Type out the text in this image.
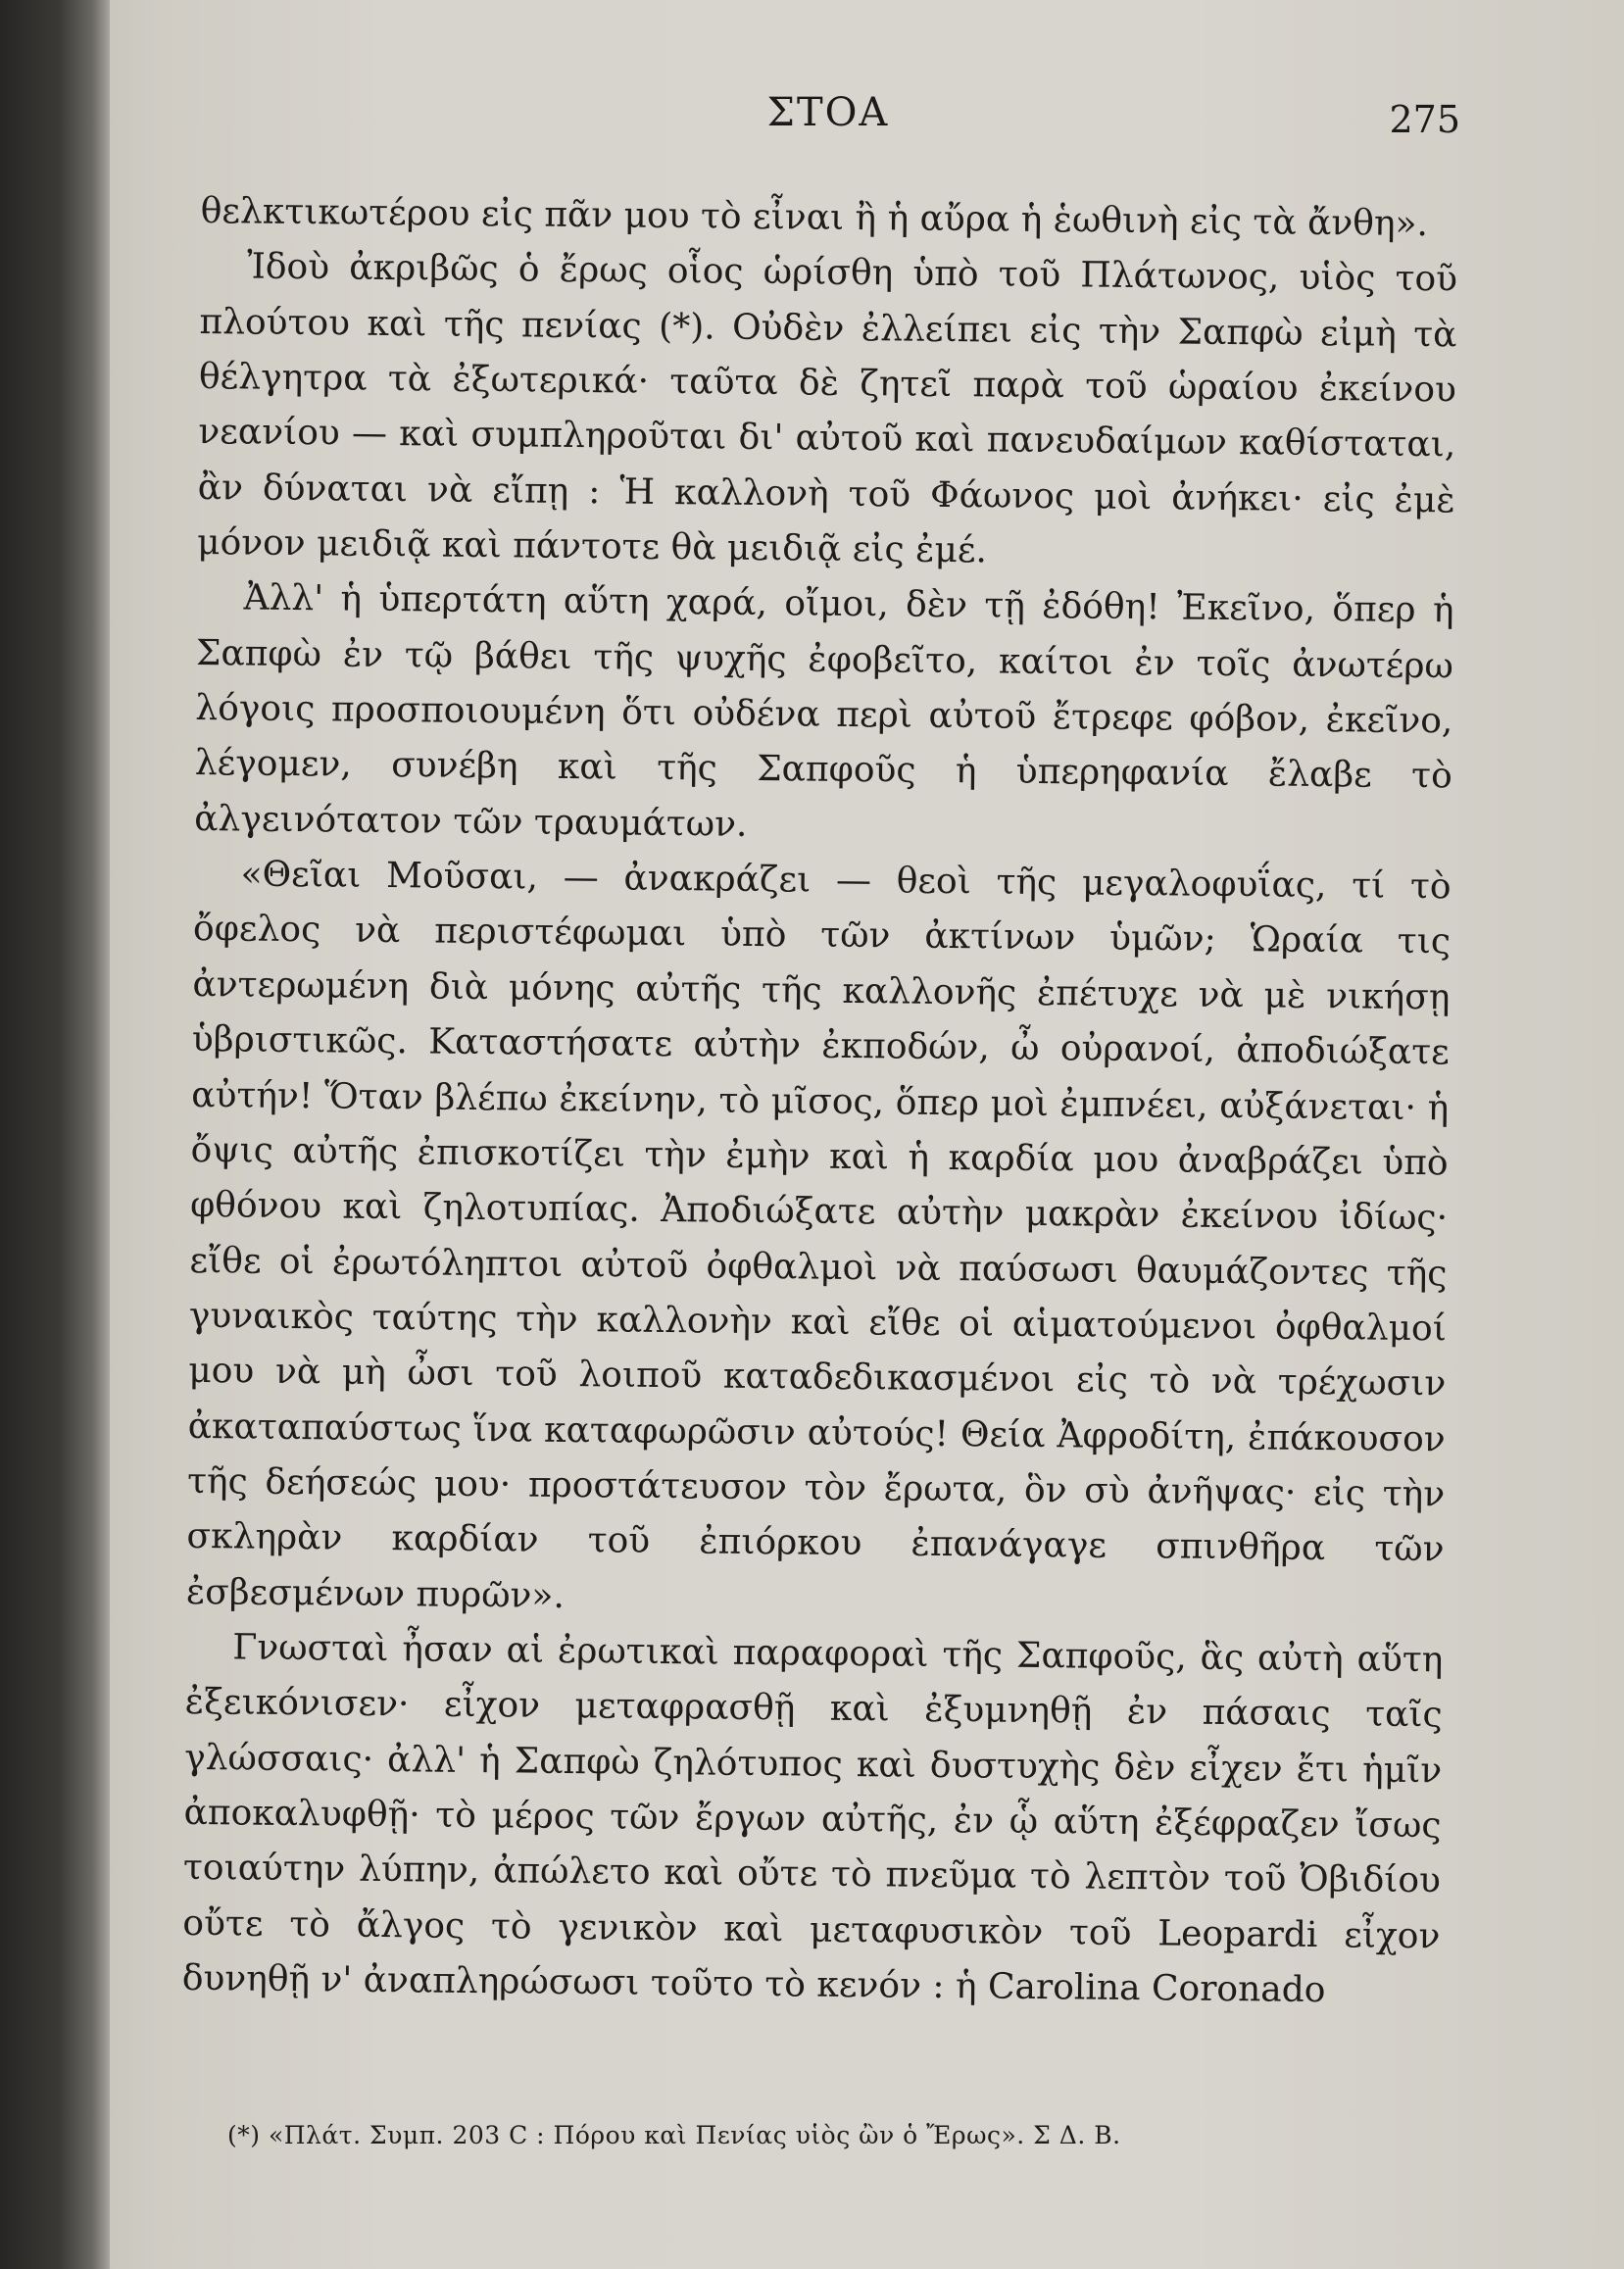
ΣΤΟΑ	275

θελκτικωτέρου εἰς πᾶν μου τὸ εἶναι ἢ ἡ αὔρα ἡ ἑωθινὴ εἰς τὰ ἄνθη».

Ἰδοὺ ἀκριβῶς ὁ ἔρως οἷος ὡρίσθη ὑπὸ τοῦ Πλάτωνος, υἱὸς τοῦ πλούτου καὶ τῆς πενίας (*). Οὐδὲν ἐλλείπει εἰς τὴν Σαπφὼ εἰμὴ τὰ θέλγητρα τὰ ἐξωτερικά· ταῦτα δὲ ζητεῖ παρὰ τοῦ ὡραίου ἐκείνου νεανίου — καὶ συμπληροῦται δι' αὐτοῦ καὶ πανευδαίμων καθίσταται, ἂν δύναται νὰ εἴπῃ : Ἡ καλλονὴ τοῦ Φάωνος μοὶ ἀνήκει· εἰς ἐμὲ μόνον μειδιᾷ καὶ πάντοτε θὰ μειδιᾷ εἰς ἐμέ.

Ἀλλ' ἡ ὑπερτάτη αὕτη χαρά, οἴμοι, δὲν τῇ ἐδόθη! Ἐκεῖνο, ὅπερ ἡ Σαπφὼ ἐν τῷ βάθει τῆς ψυχῆς ἐφοβεῖτο, καίτοι ἐν τοῖς ἀνωτέρω λόγοις προσποιουμένη ὅτι οὐδένα περὶ αὐτοῦ ἔτρεφε φόβον, ἐκεῖνο, λέγομεν, συνέβη καὶ τῆς Σαπφοῦς ἡ ὑπερηφανία ἔλαβε τὸ ἀλγεινότατον τῶν τραυμάτων.

«Θεῖαι Μοῦσαι, — ἀνακράζει — θεοὶ τῆς μεγαλοφυΐας, τί τὸ ὄφελος νὰ περιστέφωμαι ὑπὸ τῶν ἀκτίνων ὑμῶν; Ὡραία τις ἀντερωμένη διὰ μόνης αὐτῆς τῆς καλλονῆς ἐπέτυχε νὰ μὲ νικήσῃ ὑβριστικῶς. Καταστήσατε αὐτὴν ἐκποδών, ὦ οὐρανοί, ἀποδιώξατε αὐτήν! Ὅταν βλέπω ἐκείνην, τὸ μῖσος, ὅπερ μοὶ ἐμπνέει, αὐξάνεται· ἡ ὄψις αὐτῆς ἐπισκοτίζει τὴν ἐμὴν καὶ ἡ καρδία μου ἀναβράζει ὑπὸ φθόνου καὶ ζηλοτυπίας. Ἀποδιώξατε αὐτὴν μακρὰν ἐκείνου ἰδίως· εἴθε οἱ ἐρωτόληπτοι αὐτοῦ ὀφθαλμοὶ νὰ παύσωσι θαυμάζοντες τῆς γυναικὸς ταύτης τὴν καλλονὴν καὶ εἴθε οἱ αἱματούμενοι ὀφθαλμοί μου νὰ μὴ ὦσι τοῦ λοιποῦ καταδεδικασμένοι εἰς τὸ νὰ τρέχωσιν ἀκαταπαύστως ἵνα καταφωρῶσιν αὐτούς! Θεία Ἀφροδίτη, ἐπάκουσον τῆς δεήσεώς μου· προστάτευσον τὸν ἔρωτα, ὃν σὺ ἀνῆψας· εἰς τὴν σκληρὰν καρδίαν τοῦ ἐπιόρκου ἐπανάγαγε σπινθῆρα τῶν ἐσβεσμένων πυρῶν».

Γνωσταὶ ἦσαν αἱ ἐρωτικαὶ παραφοραὶ τῆς Σαπφοῦς, ἃς αὐτὴ αὕτη ἐξεικόνισεν· εἶχον μεταφρασθῇ καὶ ἐξυμνηθῇ ἐν πάσαις ταῖς γλώσσαις· ἀλλ' ἡ Σαπφὼ ζηλότυπος καὶ δυστυχὴς δὲν εἶχεν ἔτι ἡμῖν ἀποκαλυφθῇ· τὸ μέρος τῶν ἔργων αὐτῆς, ἐν ᾧ αὕτη ἐξέφραζεν ἴσως τοιαύτην λύπην, ἀπώλετο καὶ οὔτε τὸ πνεῦμα τὸ λεπτὸν τοῦ Ὀβιδίου οὔτε τὸ ἄλγος τὸ γενικὸν καὶ μεταφυσικὸν τοῦ Leopardi εἶχον δυνηθῇ ν' ἀναπληρώσωσι τοῦτο τὸ κενόν : ἡ Carolina Coronado

(*) «Πλάτ. Συμπ. 203 C : Πόρου καὶ Πενίας υἱὸς ὢν ὁ Ἔρως». Σ Δ. Β.
